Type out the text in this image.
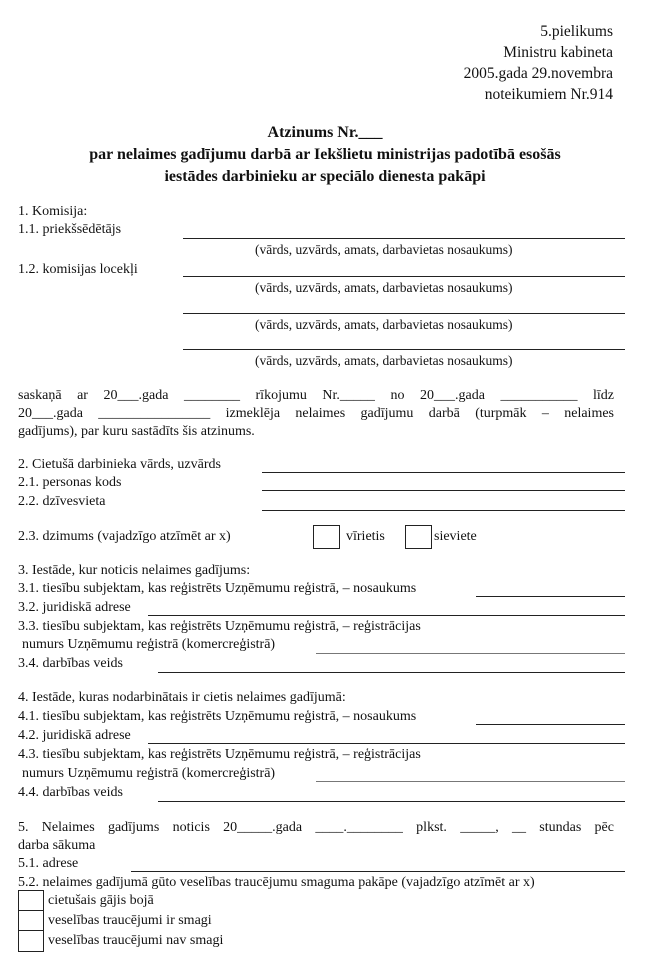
5.pielikums
Ministru kabineta
2005.gada 29.novembra
noteikumiem Nr.914
Atzinums Nr.___
par nelaimes gadījumu darbā ar Iekšlietu ministrijas padotībā esošās
iestādes darbinieku ar speciālo dienesta pakāpi
1. Komisija:
1.1. priekšsēdētājs
(vārds, uzvārds, amats, darbavietas nosaukums)
1.2. komisijas locekļi
(vārds, uzvārds, amats, darbavietas nosaukums)
(vārds, uzvārds, amats, darbavietas nosaukums)
(vārds, uzvārds, amats, darbavietas nosaukums)
saskaņā ar 20___.gada ________ rīkojumu Nr._____ no 20___.gada ___________ līdz
20___.gada ________________ izmeklēja nelaimes gadījumu darbā (turpmāk – nelaimes
gadījums), par kuru sastādīts šis atzinums.
2. Cietušā darbinieka vārds, uzvārds
2.1. personas kods
2.2. dzīvesvieta
2.3. dzimums (vajadzīgo atzīmēt ar x)	vīrietis	sieviete
3. Iestāde, kur noticis nelaimes gadījums:
3.1. tiesību subjektam, kas reģistrēts Uzņēmumu reģistrā, – nosaukums
3.2. juridiskā adrese
3.3. tiesību subjektam, kas reģistrēts Uzņēmumu reģistrā, – reģistrācijas
numurs Uzņēmumu reģistrā (komercreģistrā)
3.4. darbības veids
4. Iestāde, kuras nodarbinātais ir cietis nelaimes gadījumā:
4.1. tiesību subjektam, kas reģistrēts Uzņēmumu reģistrā, – nosaukums
4.2. juridiskā adrese
4.3. tiesību subjektam, kas reģistrēts Uzņēmumu reģistrā, – reģistrācijas
numurs Uzņēmumu reģistrā (komercreģistrā)
4.4. darbības veids
5. Nelaimes gadījums noticis 20_____.gada ____.________ plkst. _____, __ stundas pēc
darba sākuma
5.1. adrese
5.2. nelaimes gadījumā gūto veselības traucējumu smaguma pakāpe (vajadzīgo atzīmēt ar x)
cietušais gājis bojā
veselības traucējumi ir smagi
veselības traucējumi nav smagi
